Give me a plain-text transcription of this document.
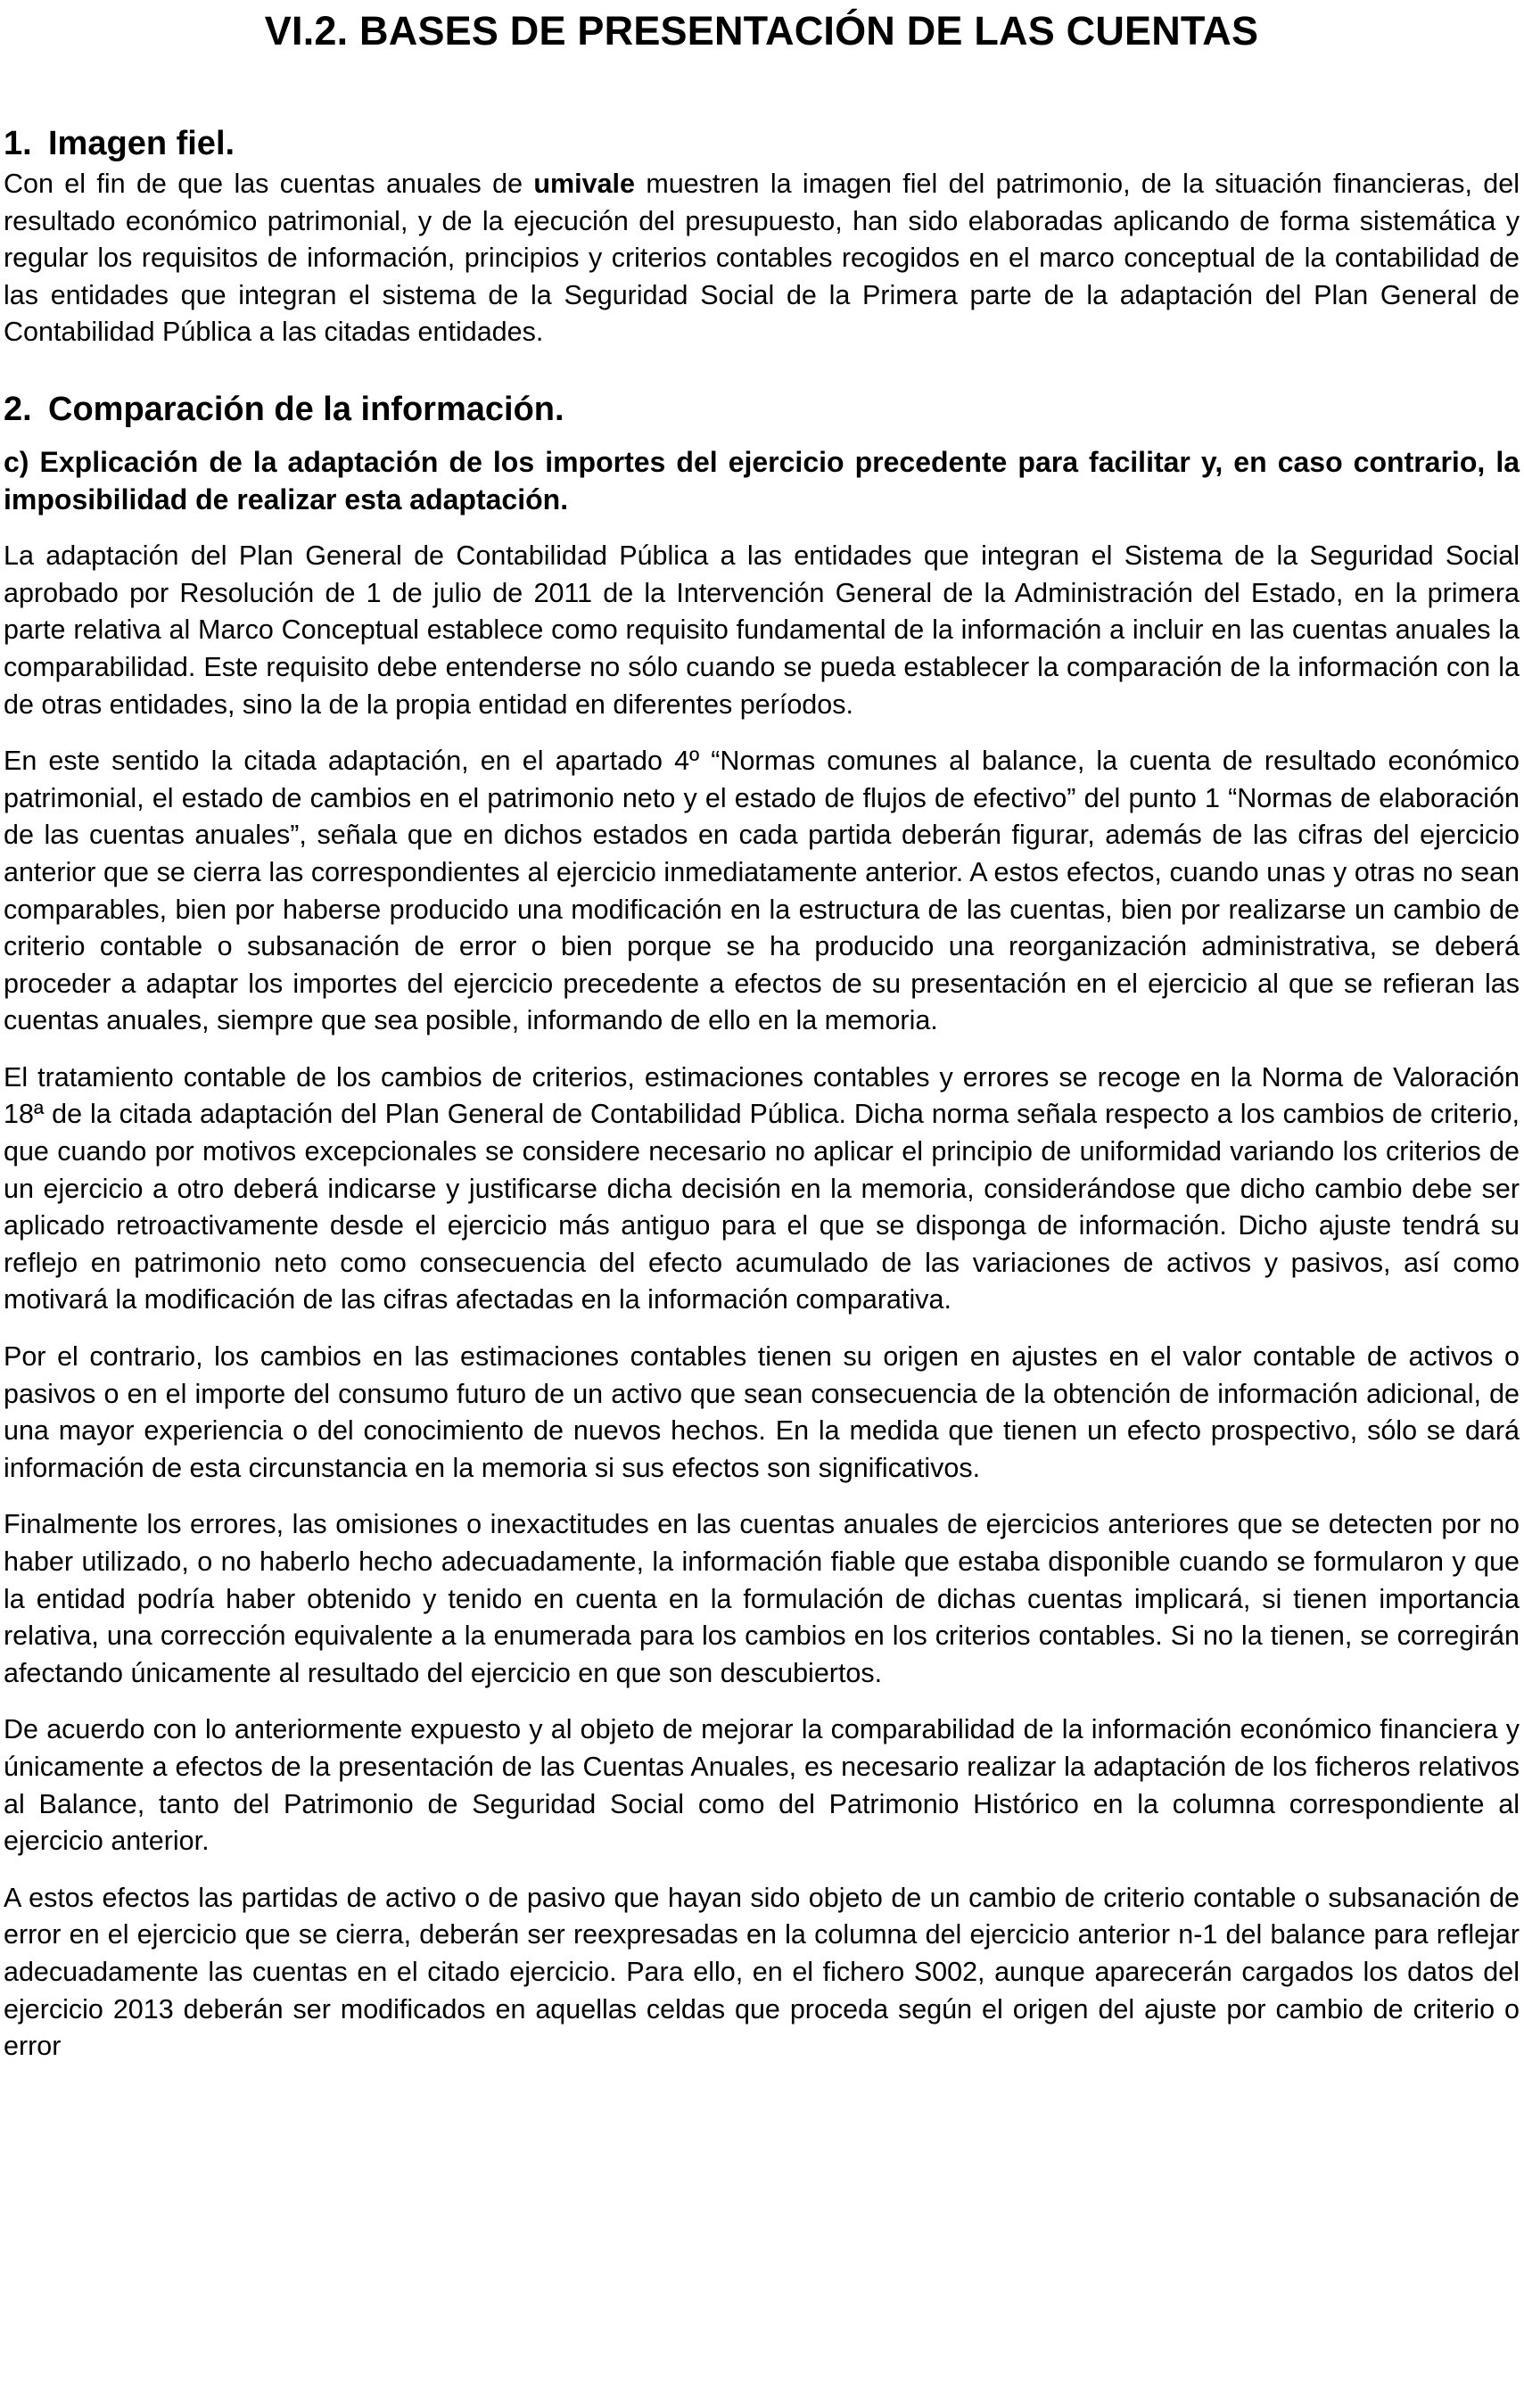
VI.2. BASES DE PRESENTACIÓN DE LAS CUENTAS
1. Imagen fiel.

Con el fin de que las cuentas anuales de umivale muestren la imagen fiel del patrimonio, de la situación financieras, del resultado económico patrimonial, y de la ejecución del presupuesto, han sido elaboradas aplicando de forma sistemática y regular los requisitos de información, principios y criterios contables recogidos en el marco conceptual de la contabilidad de las entidades que integran el sistema de la Seguridad Social de la Primera parte de la adaptación del Plan General de Contabilidad Pública a las citadas entidades.

2. Comparación de la información.

c) Explicación de la adaptación de los importes del ejercicio precedente para facilitar y, en caso contrario, la imposibilidad de realizar esta adaptación.

La adaptación del Plan General de Contabilidad Pública a las entidades que integran el Sistema de la Seguridad Social aprobado por Resolución de 1 de julio de 2011 de la Intervención General de la Administración del Estado, en la primera parte relativa al Marco Conceptual establece como requisito fundamental de la información a incluir en las cuentas anuales la comparabilidad. Este requisito debe entenderse no sólo cuando se pueda establecer la comparación de la información con la de otras entidades, sino la de la propia entidad en diferentes períodos.

En este sentido la citada adaptación, en el apartado 4º “Normas comunes al balance, la cuenta de resultado económico patrimonial, el estado de cambios en el patrimonio neto y el estado de flujos de efectivo” del punto 1 “Normas de elaboración de las cuentas anuales”, señala que en dichos estados en cada partida deberán figurar, además de las cifras del ejercicio anterior que se cierra las correspondientes al ejercicio inmediatamente anterior. A estos efectos, cuando unas y otras no sean comparables, bien por haberse producido una modificación en la estructura de las cuentas, bien por realizarse un cambio de criterio contable o subsanación de error o bien porque se ha producido una reorganización administrativa, se deberá proceder a adaptar los importes del ejercicio precedente a efectos de su presentación en el ejercicio al que se refieran las cuentas anuales, siempre que sea posible, informando de ello en la memoria.

El tratamiento contable de los cambios de criterios, estimaciones contables y errores se recoge en la Norma de Valoración 18ª de la citada adaptación del Plan General de Contabilidad Pública. Dicha norma señala respecto a los cambios de criterio, que cuando por motivos excepcionales se considere necesario no aplicar el principio de uniformidad variando los criterios de un ejercicio a otro deberá indicarse y justificarse dicha decisión en la memoria, considerándose que dicho cambio debe ser aplicado retroactivamente desde el ejercicio más antiguo para el que se disponga de información. Dicho ajuste tendrá su reflejo en patrimonio neto como consecuencia del efecto acumulado de las variaciones de activos y pasivos, así como motivará la modificación de las cifras afectadas en la información comparativa.

Por el contrario, los cambios en las estimaciones contables tienen su origen en ajustes en el valor contable de activos o pasivos o en el importe del consumo futuro de un activo que sean consecuencia de la obtención de información adicional, de una mayor experiencia o del conocimiento de nuevos hechos. En la medida que tienen un efecto prospectivo, sólo se dará información de esta circunstancia en la memoria si sus efectos son significativos.

Finalmente los errores, las omisiones o inexactitudes en las cuentas anuales de ejercicios anteriores que se detecten por no haber utilizado, o no haberlo hecho adecuadamente, la información fiable que estaba disponible cuando se formularon y que la entidad podría haber obtenido y tenido en cuenta en la formulación de dichas cuentas implicará, si tienen importancia relativa, una corrección equivalente a la enumerada para los cambios en los criterios contables. Si no la tienen, se corregirán afectando únicamente al resultado del ejercicio en que son descubiertos.

De acuerdo con lo anteriormente expuesto y al objeto de mejorar la comparabilidad de la información económico financiera y únicamente a efectos de la presentación de las Cuentas Anuales, es necesario realizar la adaptación de los ficheros relativos al Balance, tanto del Patrimonio de Seguridad Social como del Patrimonio Histórico en la columna correspondiente al ejercicio anterior.

A estos efectos las partidas de activo o de pasivo que hayan sido objeto de un cambio de criterio contable o subsanación de error en el ejercicio que se cierra, deberán ser reexpresadas en la columna del ejercicio anterior n-1 del balance para reflejar adecuadamente las cuentas en el citado ejercicio. Para ello, en el fichero S002, aunque aparecerán cargados los datos del ejercicio 2013 deberán ser modificados en aquellas celdas que proceda según el origen del ajuste por cambio de criterio o error
